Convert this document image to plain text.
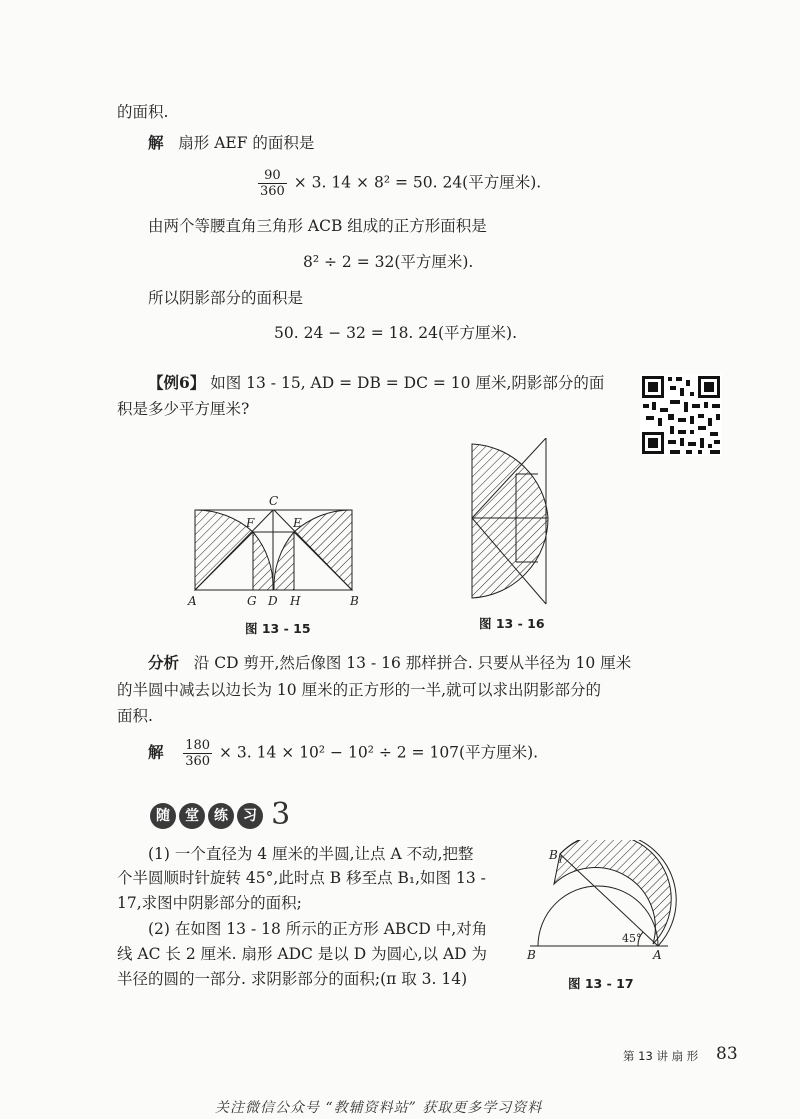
的面积.
解 扇形 AEF 的面积是
$\frac{90}{360} \times 3$. 14 × 8² = 50. 24(平方厘米).
由两个等腰直角三角形 ACB 组成的正方形面积是
8² ÷ 2 = 32(平方厘米).
所以阴影部分的面积是
50. 24 − 32 = 18. 24(平方厘米).
【例6】 如图 13 - 15, AD = DB = DC = 10 厘米,阴影部分的面
积是多少平方厘米?
A	G D H	B
C
F	E
图 13 - 15	图 13 - 16
分析 沿 CD 剪开,然后像图 13 - 16 那样拼合. 只要从半径为 10 厘米
的半圆中减去以边长为 10 厘米的正方形的一半,就可以求出阴影部分的
面积.
解 $\frac{180}{360} \times 3$. 14 × 10² − 10² ÷ 2 = 107(平方厘米).
随 堂 练 习 3
(1) 一个直径为 4 厘米的半圆,让点 A 不动,把整
个半圆顺时针旋转 45°,此时点 B 移至点 B₁,如图 13 -
17,求图中阴影部分的面积;
(2) 在如图 13 - 18 所示的正方形 ABCD 中,对角
线 AC 长 2 厘米. 扇形 ADC 是以 D 为圆心,以 AD 为
半径的圆的一部分. 求阴影部分的面积;(π 取 3. 14)
$B_1$
B	A
45°
图 13 - 17
第 13 讲 扇 形 83
关注微信公众号 “教辅资料站” 获取更多学习资料
